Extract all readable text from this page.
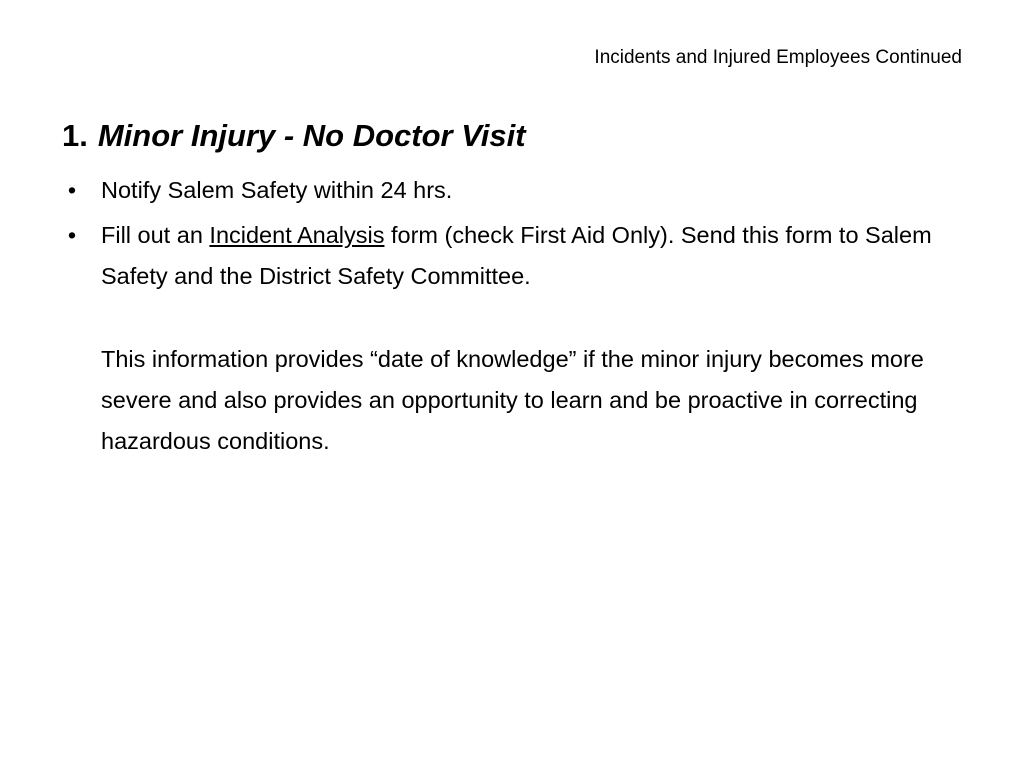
Incidents and Injured Employees Continued
1. Minor Injury - No Doctor Visit
• Notify Salem Safety within 24 hrs.
• Fill out an Incident Analysis form (check First Aid Only). Send this form to Salem Safety and the District Safety Committee.
This information provides “date of knowledge” if the minor injury becomes more severe and also provides an opportunity to learn and be proactive in correcting hazardous conditions.
